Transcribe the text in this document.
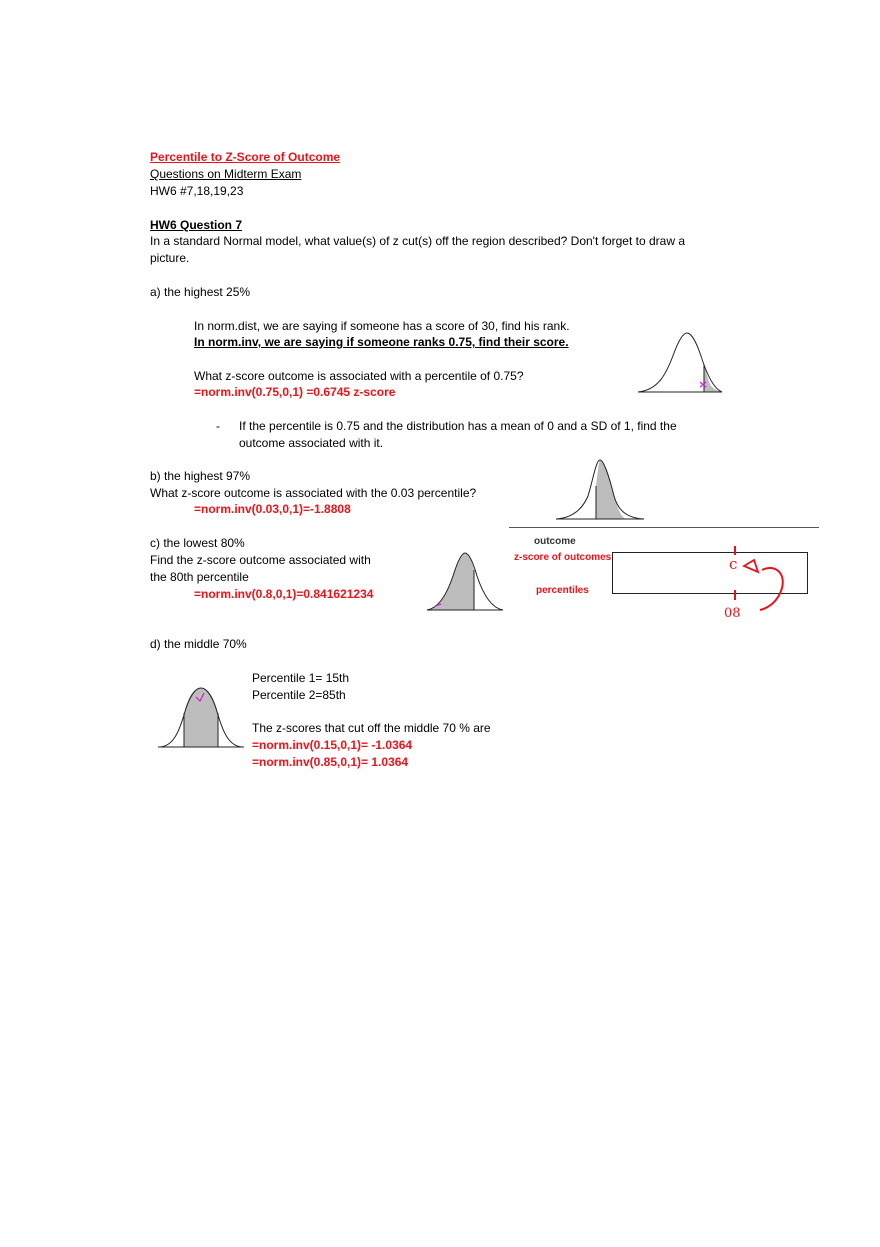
Percentile to Z-Score of Outcome
Questions on Midterm Exam
HW6 #7,18,19,23
HW6 Question 7
In a standard Normal model, what value(s) of z cut(s) off the region described? Don't forget to draw a
picture.
a) the highest 25%
In norm.dist, we are saying if someone has a score of 30, find his rank.
In norm.inv, we are saying if someone ranks 0.75, find their score.
What z-score outcome is associated with a percentile of 0.75?
=norm.inv(0.75,0,1) =0.6745 z-score
- If the percentile is 0.75 and the distribution has a mean of 0 and a SD of 1, find the
outcome associated with it.
b) the highest 97%
What z-score outcome is associated with the 0.03 percentile?
=norm.inv(0.03,0,1)=-1.8808
c) the lowest 80%
Find the z-score outcome associated with
the 80th percentile
=norm.inv(0.8,0,1)=0.841621234
outcome
z-score of outcomes
percentiles
c
08
d) the middle 70%
Percentile 1= 15th
Percentile 2=85th
The z-scores that cut off the middle 70 % are
=norm.inv(0.15,0,1)= -1.0364
=norm.inv(0.85,0,1)= 1.0364
